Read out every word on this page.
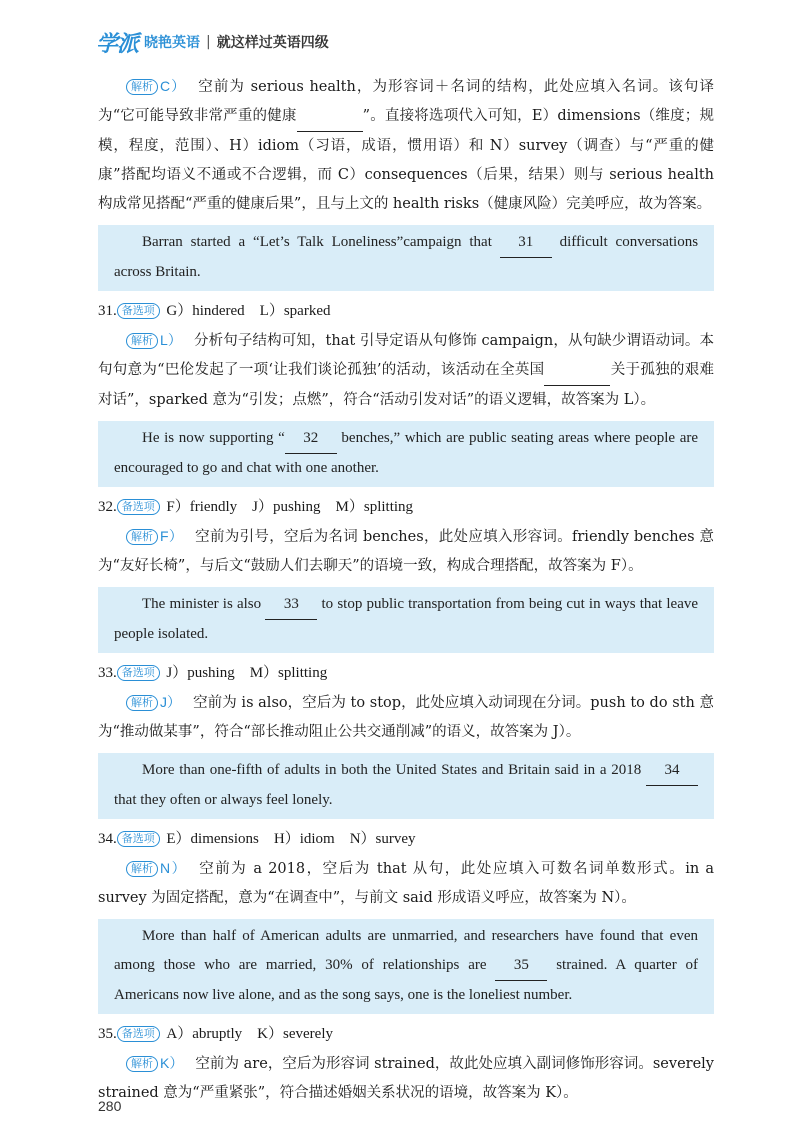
学派 晓艳英语 | 就这样过英语四级

解析 C） 空前为 serious health，为形容词＋名词的结构，此处应填入名词。该句译为“它可能导致非常严重的健康	”。直接将选项代入可知，E）dimensions（维度；规模，程度，范围）、H）idiom（习语，成语，惯用语）和 N）survey（调查）与“严重的健康”搭配均语义不通或不合逻辑，而 C）consequences（后果，结果）则与 serious health 构成常见搭配“严重的健康后果”，且与上文的 health risks（健康风险）完美呼应，故为答案。

Barran started a “Let’s Talk Loneliness”campaign that 31 difficult conversations across Britain.

31. 备选项 G）hindered　L）sparked

解析 L） 分析句子结构可知，that 引导定语从句修饰 campaign，从句缺少谓语动词。本句句意为“巴伦发起了一项‘让我们谈论孤独’的活动，该活动在全英国	关于孤独的艰难对话”，sparked 意为“引发；点燃”，符合“活动引发对话”的语义逻辑，故答案为 L）。

He is now supporting “ 32 benches,” which are public seating areas where people are encouraged to go and chat with one another.

32. 备选项 F）friendly　J）pushing　M）splitting

解析 F） 空前为引号，空后为名词 benches，此处应填入形容词。friendly benches 意为“友好长椅”，与后文“鼓励人们去聊天”的语境一致，构成合理搭配，故答案为 F）。

The minister is also 33 to stop public transportation from being cut in ways that leave people isolated.

33. 备选项 J）pushing　M）splitting

解析 J） 空前为 is also，空后为 to stop，此处应填入动词现在分词。push to do sth 意为“推动做某事”，符合“部长推动阻止公共交通削减”的语义，故答案为 J）。

More than one-fifth of adults in both the United States and Britain said in a 2018 34 that they often or always feel lonely.

34. 备选项 E）dimensions　H）idiom　N）survey

解析 N） 空前为 a 2018，空后为 that 从句，此处应填入可数名词单数形式。in a survey 为固定搭配，意为“在调查中”，与前文 said 形成语义呼应，故答案为 N）。

More than half of American adults are unmarried, and researchers have found that even among those who are married, 30% of relationships are 35 strained. A quarter of Americans now live alone, and as the song says, one is the loneliest number.

35. 备选项 A）abruptly　K）severely

解析 K） 空前为 are，空后为形容词 strained，故此处应填入副词修饰形容词。severely strained 意为“严重紧张”，符合描述婚姻关系状况的语境，故答案为 K）。

280
